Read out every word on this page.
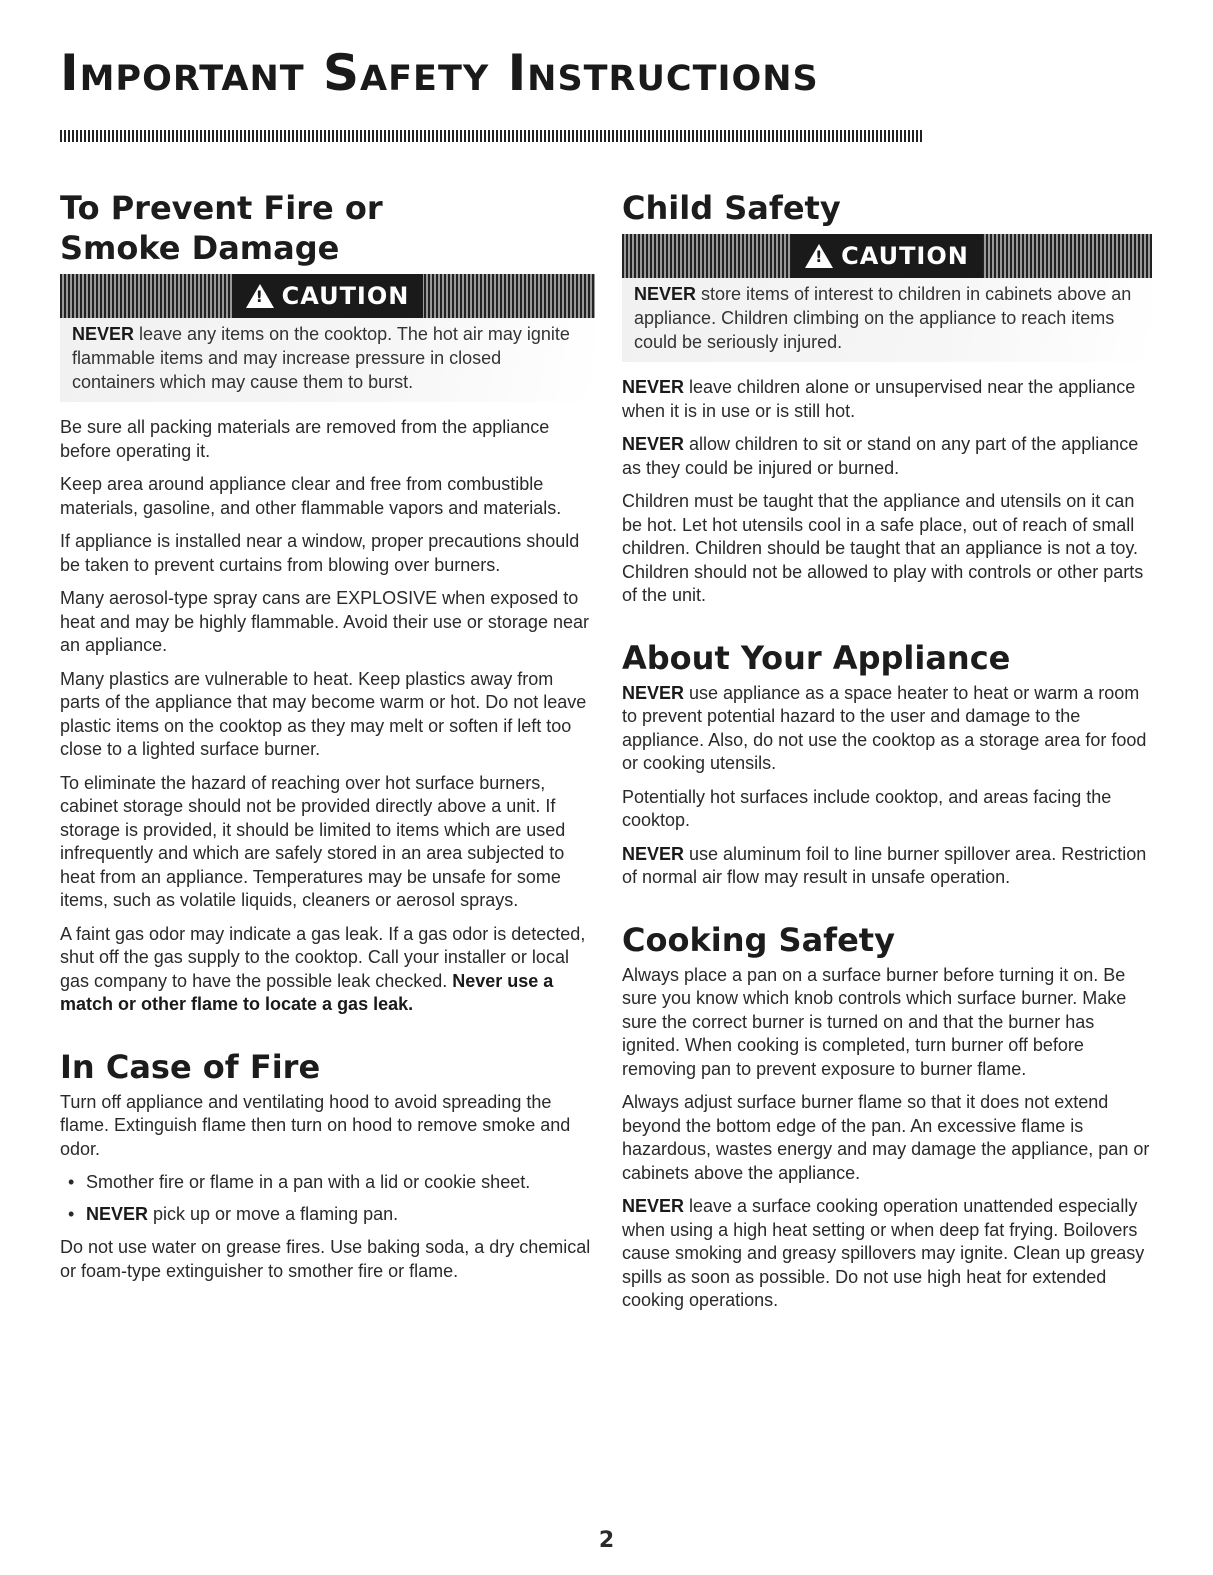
Important Safety Instructions
To Prevent Fire or Smoke Damage
!
CAUTION
NEVER leave any items on the cooktop. The hot air may ignite flammable items and may increase pressure in closed containers which may cause them to burst.

Be sure all packing materials are removed from the appliance before operating it.

Keep area around appliance clear and free from combustible materials, gasoline, and other flammable vapors and materials.

If appliance is installed near a window, proper precautions should be taken to prevent curtains from blowing over burners.

Many aerosol-type spray cans are EXPLOSIVE when exposed to heat and may be highly flammable. Avoid their use or storage near an appliance.

Many plastics are vulnerable to heat. Keep plastics away from parts of the appliance that may become warm or hot. Do not leave plastic items on the cooktop as they may melt or soften if left too close to a lighted surface burner.

To eliminate the hazard of reaching over hot surface burners, cabinet storage should not be provided directly above a unit. If storage is provided, it should be limited to items which are used infrequently and which are safely stored in an area subjected to heat from an appliance. Temperatures may be unsafe for some items, such as volatile liquids, cleaners or aerosol sprays.

A faint gas odor may indicate a gas leak. If a gas odor is detected, shut off the gas supply to the cooktop. Call your installer or local gas company to have the possible leak checked. Never use a match or other flame to locate a gas leak.

In Case of Fire

Turn off appliance and ventilating hood to avoid spreading the flame. Extinguish flame then turn on hood to remove smoke and odor.

• Smother fire or flame in a pan with a lid or cookie sheet.
• NEVER pick up or move a flaming pan.

Do not use water on grease fires. Use baking soda, a dry chemical or foam-type extinguisher to smother fire or flame.

Child Safety
!
CAUTION
NEVER store items of interest to children in cabinets above an appliance. Children climbing on the appliance to reach items could be seriously injured.

NEVER leave children alone or unsupervised near the appliance when it is in use or is still hot.

NEVER allow children to sit or stand on any part of the appliance as they could be injured or burned.

Children must be taught that the appliance and utensils on it can be hot. Let hot utensils cool in a safe place, out of reach of small children. Children should be taught that an appliance is not a toy. Children should not be allowed to play with controls or other parts of the unit.

About Your Appliance

NEVER use appliance as a space heater to heat or warm a room to prevent potential hazard to the user and damage to the appliance. Also, do not use the cooktop as a storage area for food or cooking utensils.

Potentially hot surfaces include cooktop, and areas facing the cooktop.

NEVER use aluminum foil to line burner spillover area. Restriction of normal air flow may result in unsafe operation.

Cooking Safety

Always place a pan on a surface burner before turning it on. Be sure you know which knob controls which surface burner. Make sure the correct burner is turned on and that the burner has ignited. When cooking is completed, turn burner off before removing pan to prevent exposure to burner flame.

Always adjust surface burner flame so that it does not extend beyond the bottom edge of the pan. An excessive flame is hazardous, wastes energy and may damage the appliance, pan or cabinets above the appliance.

NEVER leave a surface cooking operation unattended especially when using a high heat setting or when deep fat frying. Boilovers cause smoking and greasy spillovers may ignite. Clean up greasy spills as soon as possible. Do not use high heat for extended cooking operations.

2
